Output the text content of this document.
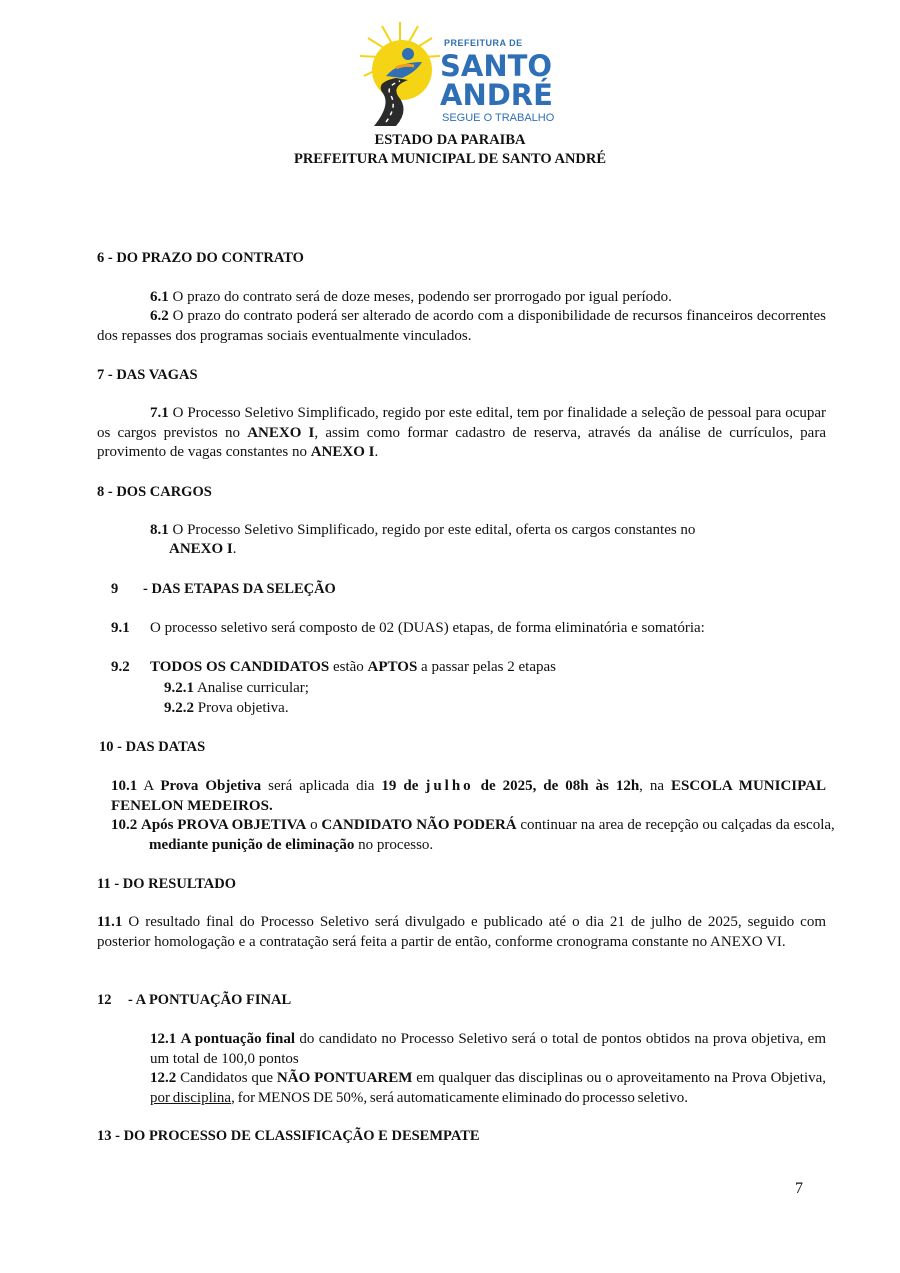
PREFEITURA DE
SANTO
ANDRÉ
SEGUE O TRABALHO
ESTADO DA PARAIBA
PREFEITURA MUNICIPAL DE SANTO ANDRÉ
6 - DO PRAZO DO CONTRATO
6.1 O prazo do contrato será de doze meses, podendo ser prorrogado por igual período.
6.2 O prazo do contrato poderá ser alterado de acordo com a disponibilidade de recursos financeiros decorrentes dos repasses dos programas sociais eventualmente vinculados.
7 - DAS VAGAS
7.1 O Processo Seletivo Simplificado, regido por este edital, tem por finalidade a seleção de pessoal para ocupar os cargos previstos no ANEXO I, assim como formar cadastro de reserva, através da análise de currículos, para provimento de vagas constantes no ANEXO I.
8 - DOS CARGOS
8.1 O Processo Seletivo Simplificado, regido por este edital, oferta os cargos constantes no
ANEXO I.
9 - DAS ETAPAS DA SELEÇÃO
9.1 O processo seletivo será composto de 02 (DUAS) etapas, de forma eliminatória e somatória:
9.2 TODOS OS CANDIDATOS estão APTOS a passar pelas 2 etapas
9.2.1 Analise curricular;
9.2.2 Prova objetiva.
10 - DAS DATAS
10.1 A Prova Objetiva será aplicada dia 19 de julho de 2025, de 08h às 12h, na ESCOLA MUNICIPAL FENELON MEDEIROS.
10.2 Após PROVA OBJETIVA o CANDIDATO NÃO PODERÁ continuar na area de recepção ou calçadas da escola, mediante punição de eliminação no processo.
11 - DO RESULTADO
11.1 O resultado final do Processo Seletivo será divulgado e publicado até o dia 21 de julho de 2025, seguido com posterior homologação e a contratação será feita a partir de então, conforme cronograma constante no ANEXO VI.
12 - A PONTUAÇÃO FINAL
12.1 A pontuação final do candidato no Processo Seletivo será o total de pontos obtidos na prova objetiva, em um total de 100,0 pontos
12.2 Candidatos que NÃO PONTUAREM em qualquer das disciplinas ou o aproveitamento na Prova Objetiva, por disciplina, for MENOS DE 50%, será automaticamente eliminado do processo seletivo.
13 - DO PROCESSO DE CLASSIFICAÇÃO E DESEMPATE
7
